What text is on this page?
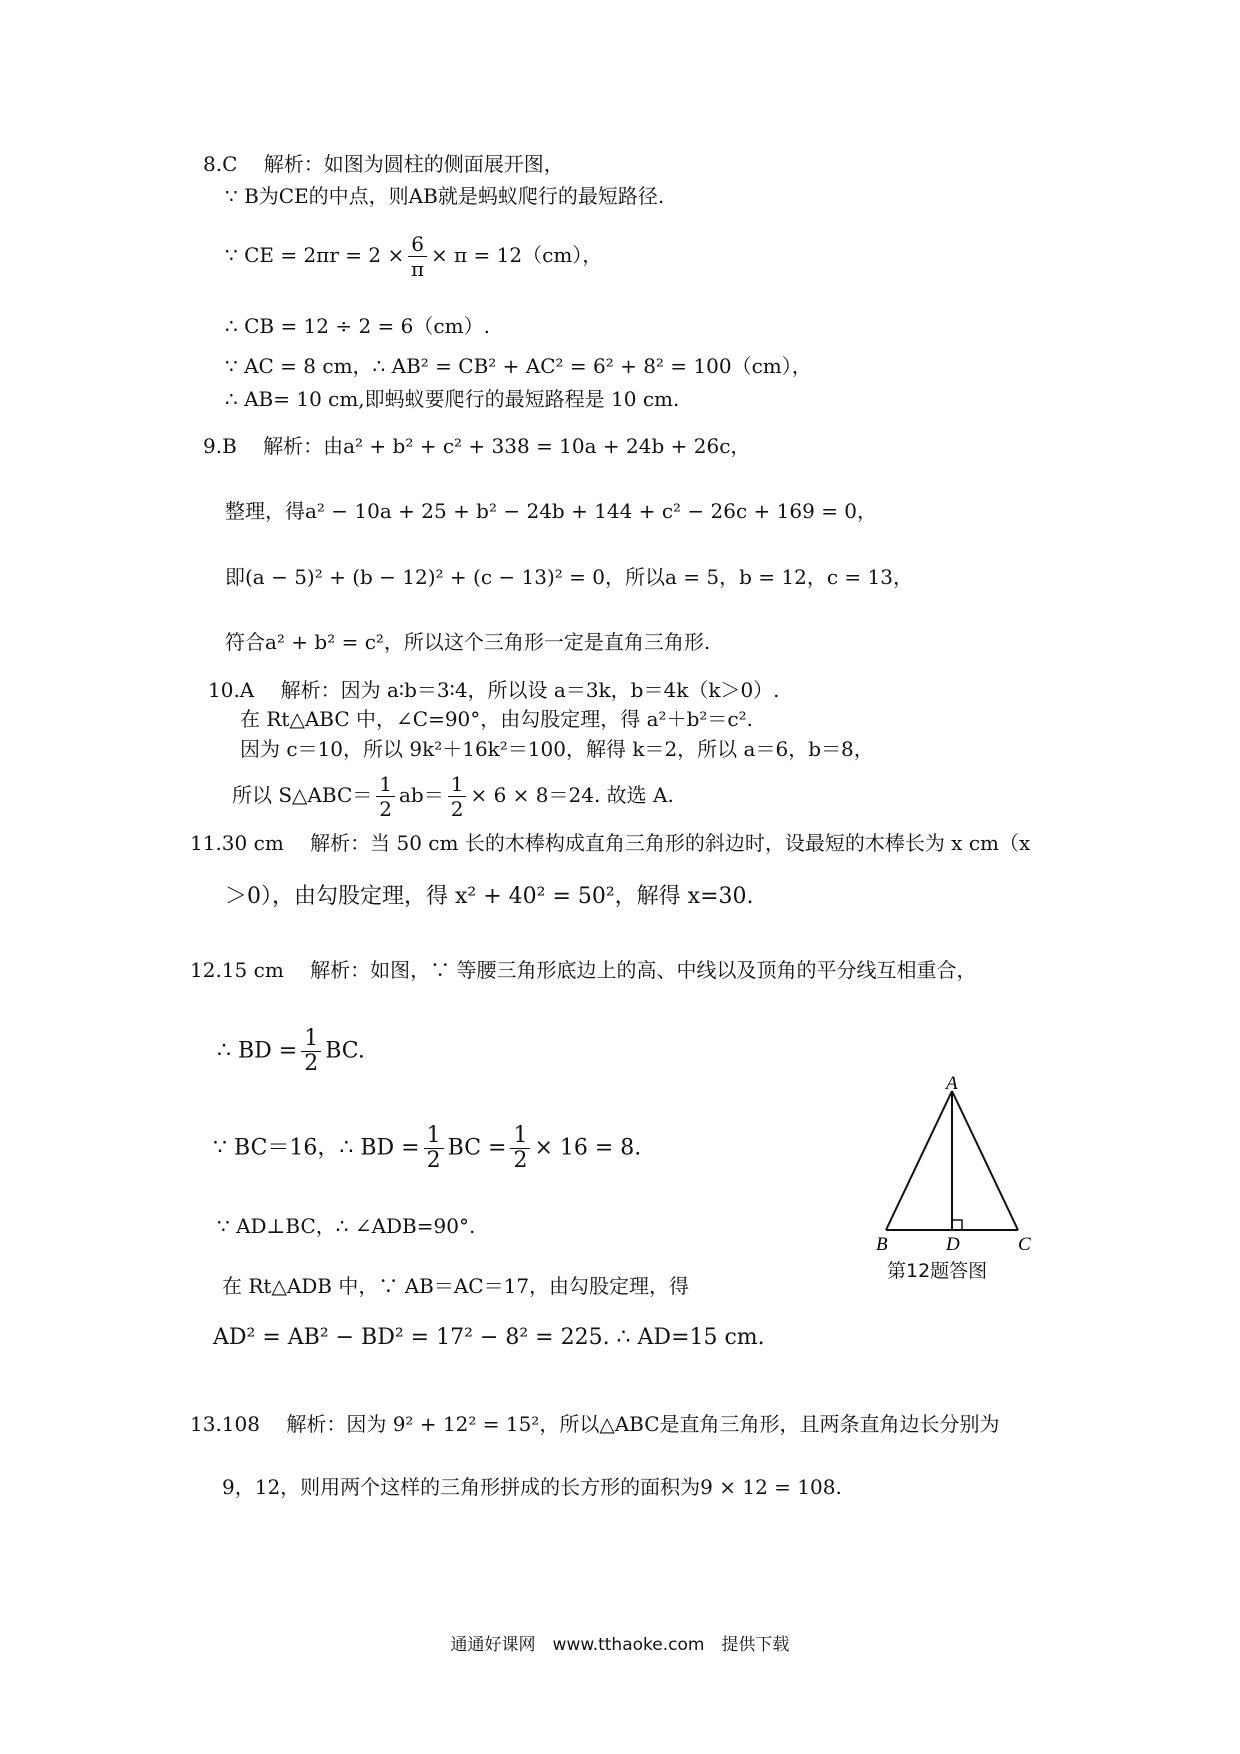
8.C　 解析：如图为圆柱的侧面展开图，
∵ B为CE的中点，则AB就是蚂蚁爬行的最短路径.
∵ CE = $2\pi r = 2 \times \frac{6}{\pi} \times \pi = 12(cm)$，
∴ CB = 12 ÷ 2 = 6（cm）.
∵ AC = 8 cm，∴ AB² = CB² + AC² = 6² + 8² = 100（cm），
∴ AB= 10 cm,即蚂蚁要爬行的最短路程是 10 cm.
9.B　 解析：由a² + b² + c² + 338 = 10a + 24b + 26c，
整理，得a² − 10a + 25 + b² − 24b + 144 + c² − 26c + 169 = 0，
即(a − 5)² + (b − 12)² + (c − 13)² = 0，所以a = 5，b = 12，c = 13，
符合a² + b² = c²，所以这个三角形一定是直角三角形.
10.A　 解析：因为 a∶b＝3∶4，所以设 a＝3k，b＝4k（k＞0）.
在 Rt△ABC 中，∠C=90°，由勾股定理，得 a²＋b²＝c².
因为 c＝10，所以 9k²＋16k²＝100，解得 k＝2，所以 a＝6，b＝8，
所以 S△ABC＝ $\frac{1}{2} ab= \frac{1}{2} \times 6 \times 8=24$. 故选 A.
11.30 cm　 解析：当 50 cm 长的木棒构成直角三角形的斜边时，设最短的木棒长为 x cm（x
＞0），由勾股定理，得 x² + 40² = 50²，解得 x=30.
12.15 cm　 解析：如图，∵ 等腰三角形底边上的高、中线以及顶角的平分线互相重合，
∴ BD = $\frac{1}{2}$ BC.
∵ BC＝16，∴ BD = $\frac{1}{2}$ BC = $\frac{1}{2} \times 16 = 8$.
∵ AD⊥BC，∴ ∠ADB=90°.
在 Rt△ADB 中，∵ AB＝AC＝17，由勾股定理，得
AD² = AB² − BD² = 17² − 8² = 225. ∴ AD=15 cm.
A
B	D	C
第12题答图
13.108　 解析：因为 9² + 12² = 15²，所以△ABC是直角三角形，且两条直角边长分别为
9，12，则用两个这样的三角形拼成的长方形的面积为9 × 12 = 108.
通通好课网　www.tthaoke.com　提供下载
